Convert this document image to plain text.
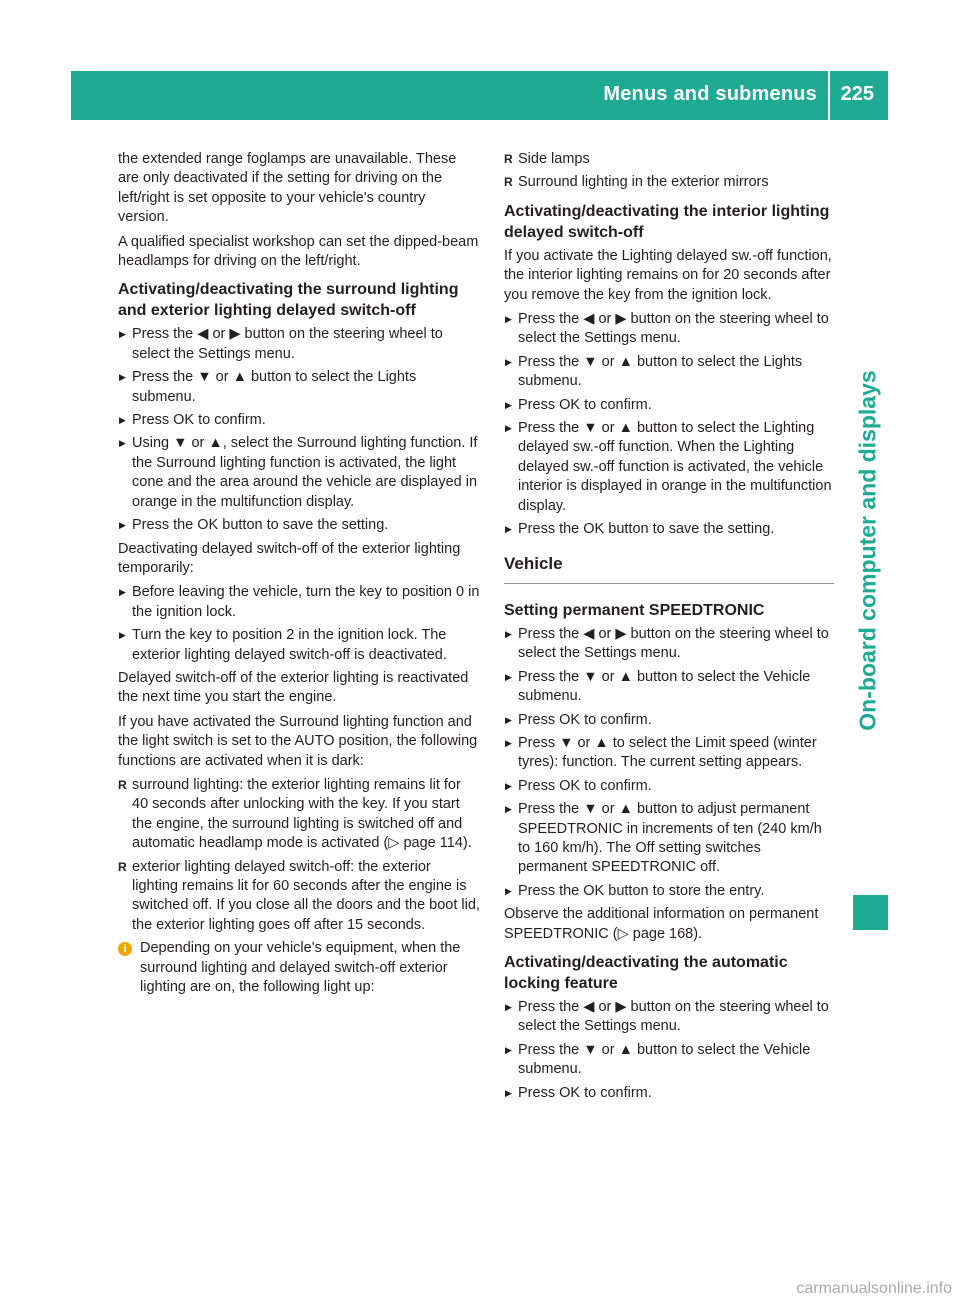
Menus and submenus 225
On-board computer and displays

the extended range foglamps are unavailable. These are only deactivated if the setting for driving on the left/right is set opposite to your vehicle's country version.

A qualified specialist workshop can set the dipped-beam headlamps for driving on the left/right.

Activating/deactivating the surround lighting and exterior lighting delayed switch-off
▶ Press the ◀ or ▶ button on the steering wheel to select the Settings menu.
▶ Press the ▼ or ▲ button to select the Lights submenu.
▶ Press OK to confirm.
▶ Using ▼ or ▲, select the Surround lighting function. If the Surround lighting function is activated, the light cone and the area around the vehicle are displayed in orange in the multifunction display.
▶ Press the OK button to save the setting.

Deactivating delayed switch-off of the exterior lighting temporarily:

▶ Before leaving the vehicle, turn the key to position 0 in the ignition lock.
▶ Turn the key to position 2 in the ignition lock. The exterior lighting delayed switch-off is deactivated.

Delayed switch-off of the exterior lighting is reactivated the next time you start the engine.

If you have activated the Surround lighting function and the light switch is set to the AUTO position, the following functions are activated when it is dark:

R surround lighting: the exterior lighting remains lit for 40 seconds after unlocking with the key. If you start the engine, the surround lighting is switched off and automatic headlamp mode is activated (▷ page 114).
R exterior lighting delayed switch-off: the exterior lighting remains lit for 60 seconds after the engine is switched off. If you close all the doors and the boot lid, the exterior lighting goes off after 15 seconds.

i Depending on your vehicle's equipment, when the surround lighting and delayed switch-off exterior lighting are on, the following light up:

R Side lamps
R Surround lighting in the exterior mirrors
Activating/deactivating the interior lighting delayed switch-off

If you activate the Lighting delayed sw.-off function, the interior lighting remains on for 20 seconds after you remove the key from the ignition lock.

▶ Press the ◀ or ▶ button on the steering wheel to select the Settings menu.
▶ Press the ▼ or ▲ button to select the Lights submenu.
▶ Press OK to confirm.
▶ Press the ▼ or ▲ button to select the Lighting delayed sw.-off function. When the Lighting delayed sw.-off function is activated, the vehicle interior is displayed in orange in the multifunction display.
▶ Press the OK button to save the setting.
Vehicle
Setting permanent SPEEDTRONIC
▶ Press the ◀ or ▶ button on the steering wheel to select the Settings menu.
▶ Press the ▼ or ▲ button to select the Vehicle submenu.
▶ Press OK to confirm.
▶ Press ▼ or ▲ to select the Limit speed (winter tyres): function. The current setting appears.
▶ Press OK to confirm.
▶ Press the ▼ or ▲ button to adjust permanent SPEEDTRONIC in increments of ten (240 km/h to 160 km/h). The Off setting switches permanent SPEEDTRONIC off.
▶ Press the OK button to store the entry.

Observe the additional information on permanent SPEEDTRONIC (▷ page 168).

Activating/deactivating the automatic locking feature
▶ Press the ◀ or ▶ button on the steering wheel to select the Settings menu.
▶ Press the ▼ or ▲ button to select the Vehicle submenu.
▶ Press OK to confirm.
carmanualsonline.info
